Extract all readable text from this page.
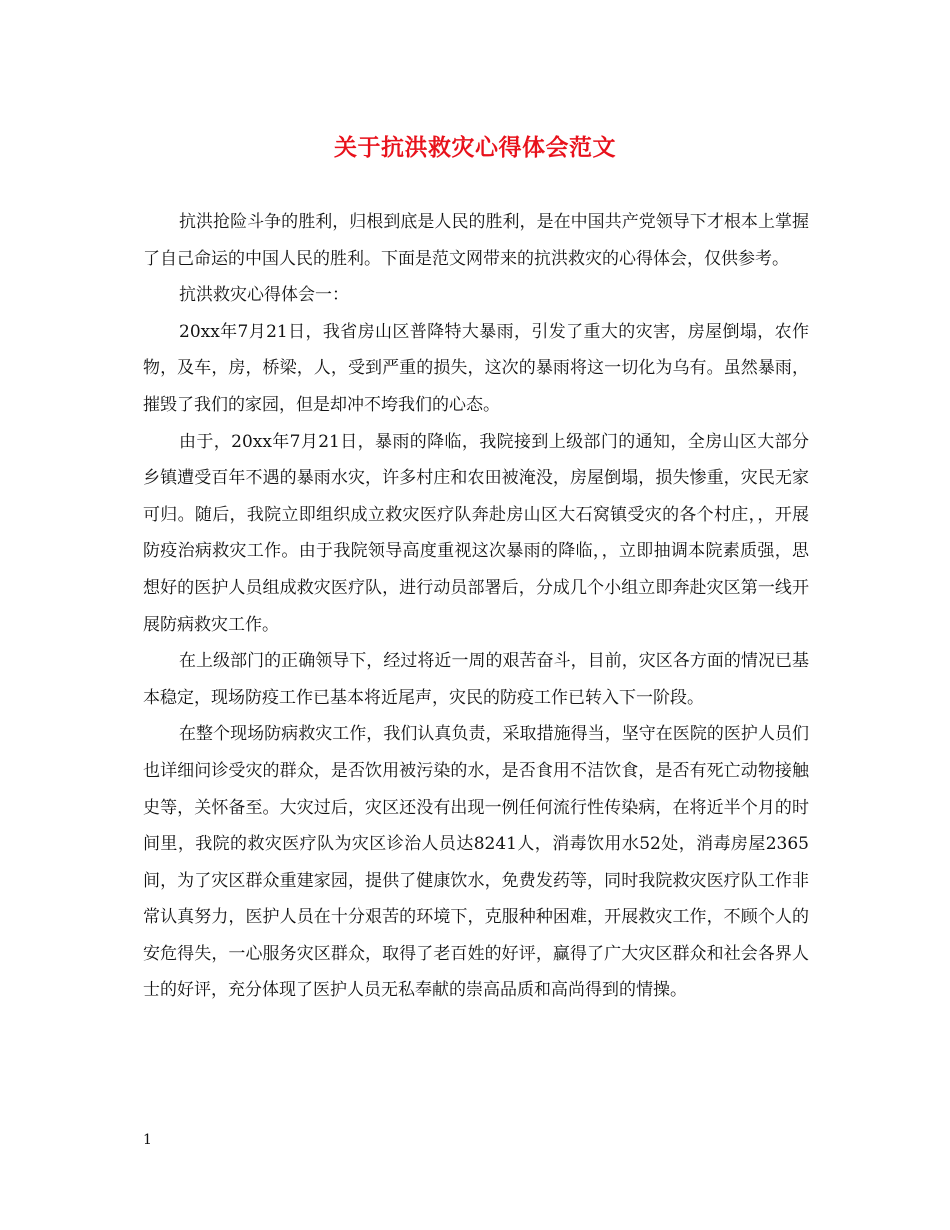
关于抗洪救灾心得体会范文

抗洪抢险斗争的胜利，归根到底是人民的胜利，是在中国共产党领导下才根本上掌握了自己命运的中国人民的胜利。下面是范文网带来的抗洪救灾的心得体会，仅供参考。

抗洪救灾心得体会一：

20xx年7月21日，我省房山区普降特大暴雨，引发了重大的灾害，房屋倒塌，农作物，及车，房，桥梁，人，受到严重的损失，这次的暴雨将这一切化为乌有。虽然暴雨，摧毁了我们的家园，但是却冲不垮我们的心态。

由于，20xx年7月21日，暴雨的降临，我院接到上级部门的通知，全房山区大部分乡镇遭受百年不遇的暴雨水灾，许多村庄和农田被淹没，房屋倒塌，损失惨重，灾民无家可归。随后，我院立即组织成立救灾医疗队奔赴房山区大石窝镇受灾的各个村庄，，开展防疫治病救灾工作。由于我院领导高度重视这次暴雨的降临，，立即抽调本院素质强，思想好的医护人员组成救灾医疗队，进行动员部署后，分成几个小组立即奔赴灾区第一线开展防病救灾工作。

在上级部门的正确领导下，经过将近一周的艰苦奋斗，目前，灾区各方面的情况已基本稳定，现场防疫工作已基本将近尾声，灾民的防疫工作已转入下一阶段。

在整个现场防病救灾工作，我们认真负责，采取措施得当，坚守在医院的医护人员们也详细问诊受灾的群众，是否饮用被污染的水，是否食用不洁饮食，是否有死亡动物接触史等，关怀备至。大灾过后，灾区还没有出现一例任何流行性传染病，在将近半个月的时间里，我院的救灾医疗队为灾区诊治人员达8241人，消毒饮用水52处，消毒房屋2365间，为了灾区群众重建家园，提供了健康饮水，免费发药等，同时我院救灾医疗队工作非常认真努力，医护人员在十分艰苦的环境下，克服种种困难，开展救灾工作，不顾个人的安危得失，一心服务灾区群众，取得了老百姓的好评，赢得了广大灾区群众和社会各界人士的好评，充分体现了医护人员无私奉献的崇高品质和高尚得到的情操。

1
